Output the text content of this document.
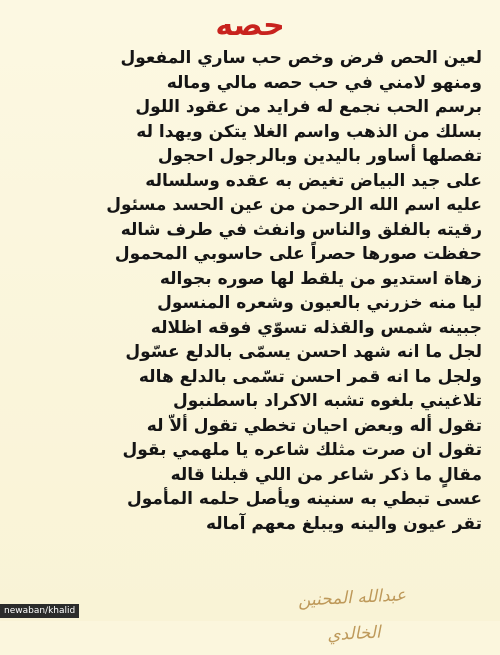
حصه
لعين الحص فرض وخص حب ساري المفعول
ومنهو لامني في حب حصه مالي وماله
برسم الحب نجمع له فرايد من عقود اللول
بسلك من الذهب واسم الغلا يتكن ويهدا له
تفصلها أساور باليدين وبالرجول احجول
على جيد البياض تغيض به عقده وسلساله
عليه اسم الله الرحمن من عين الحسد مسئول
رقيته بالفلق والناس وانفث في طرف شاله
حفظت صورها حصراً على حاسوبي المحمول
زهاة استديو من يلقط لها صوره بجواله
ليا منه خزرني بالعيون وشعره المنسول
جبينه شمس والقذله تسوّي فوقه اظلاله
لجل ما انه شهد احسن يسمّى بالدلع عسّول
ولجل ما انه قمر احسن تسّمى بالدلع هاله
تلاغيني بلغوه تشبه الاكراد باسطنبول
تقول أله وبعض احيان تخطي تقول ألاّ له
تقول ان صرت مثلك شاعره يا ملهمي بقول
مقالٍ ما ذكر شاعر من اللي قبلنا قاله
عسى تبطي به سنينه ويأصل حلمه المأمول
تقر عيون والينه ويبلغ معهم آماله
عبدالله المحنين الخالدي
newaban/khalid
